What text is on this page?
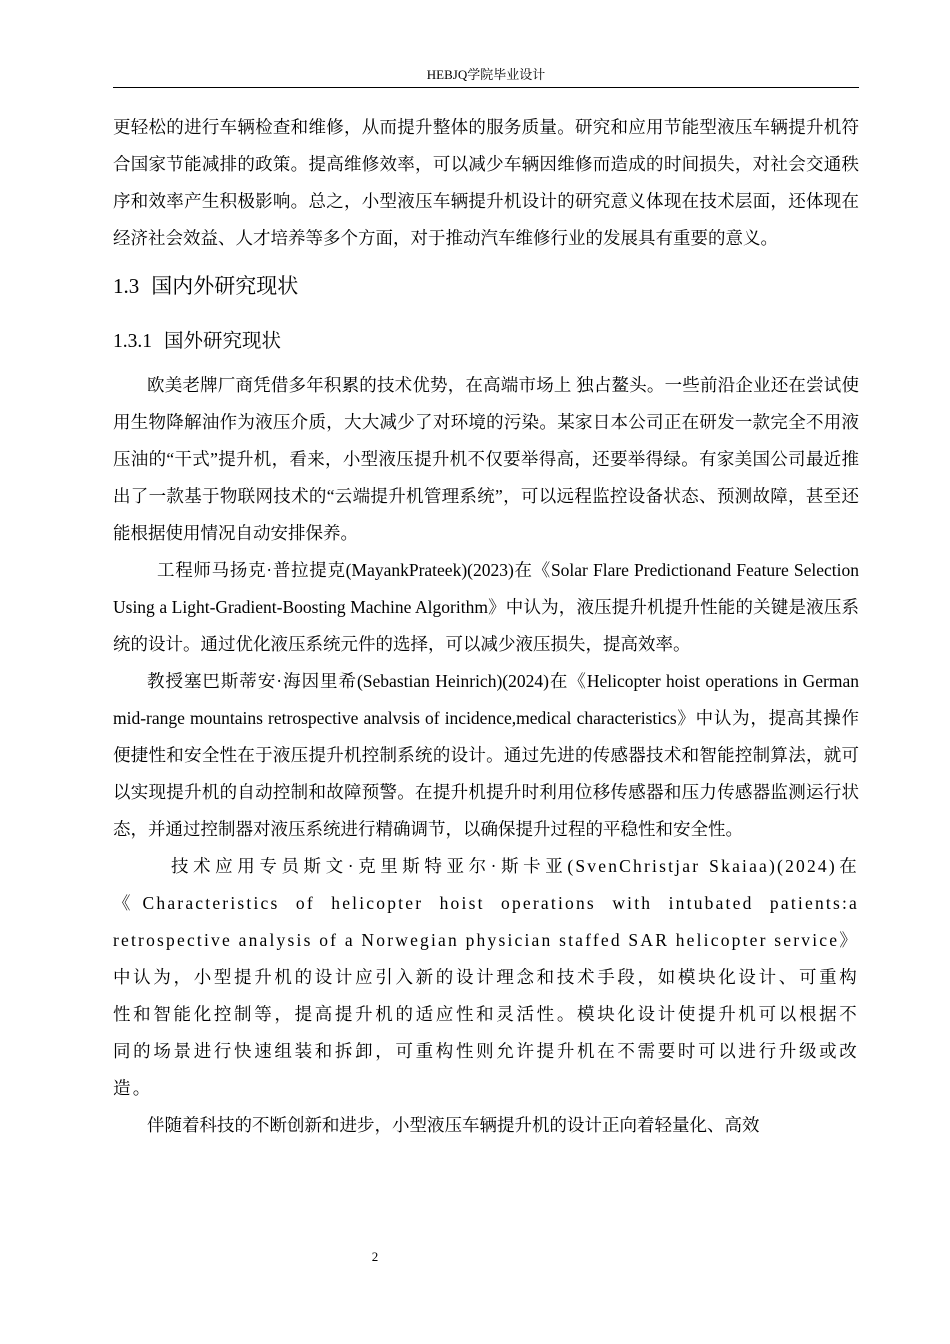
HEBJQ学院毕业设计

更轻松的进行车辆检查和维修，从而提升整体的服务质量。研究和应用节能型液压车辆提升机符合国家节能减排的政策。提高维修效率，可以减少车辆因维修而造成的时间损失，对社会交通秩序和效率产生积极影响。总之，小型液压车辆提升机设计的研究意义体现在技术层面，还体现在经济社会效益、人才培养等多个方面，对于推动汽车维修行业的发展具有重要的意义。

1.3 国内外研究现状
1.3.1 国外研究现状

欧美老牌厂商凭借多年积累的技术优势，在高端市场上 独占鳌头。一些前沿企业还在尝试使用生物降解油作为液压介质，大大减少了对环境的污染。某家日本公司正在研发一款完全不用液压油的“干式”提升机，看来，小型液压提升机不仅要举得高，还要举得绿。有家美国公司最近推出了一款基于物联网技术的“云端提升机管理系统”，可以远程监控设备状态、预测故障，甚至还能根据使用情况自动安排保养。

工程师马扬克·普拉提克(MayankPrateek)(2023)在《Solar Flare Predictionand Feature Selection Using a Light-Gradient-Boosting Machine Algorithm》中认为，液压提升机提升性能的关键是液压系统的设计。通过优化液压系统元件的选择，可以减少液压损失，提高效率。

教授塞巴斯蒂安·海因里希(Sebastian Heinrich)(2024)在《Helicopter hoist operations in German mid-range mountains retrospective analvsis of incidence,medical characteristics》中认为，提高其操作便捷性和安全性在于液压提升机控制系统的设计。通过先进的传感器技术和智能控制算法，就可以实现提升机的自动控制和故障预警。在提升机提升时利用位移传感器和压力传感器监测运行状态，并通过控制器对液压系统进行精确调节，以确保提升过程的平稳性和安全性。

技术应用专员斯文·克里斯特亚尔·斯卡亚(SvenChristjar Skaiaa)(2024)在《Characteristics of helicopter hoist operations with intubated patients:a retrospective analysis of a Norwegian physician staffed SAR helicopter service》中认为，小型提升机的设计应引入新的设计理念和技术手段，如模块化设计、可重构性和智能化控制等，提高提升机的适应性和灵活性。模块化设计使提升机可以根据不同的场景进行快速组装和拆卸，可重构性则允许提升机在不需要时可以进行升级或改造。

伴随着科技的不断创新和进步，小型液压车辆提升机的设计正向着轻量化、高效

2
